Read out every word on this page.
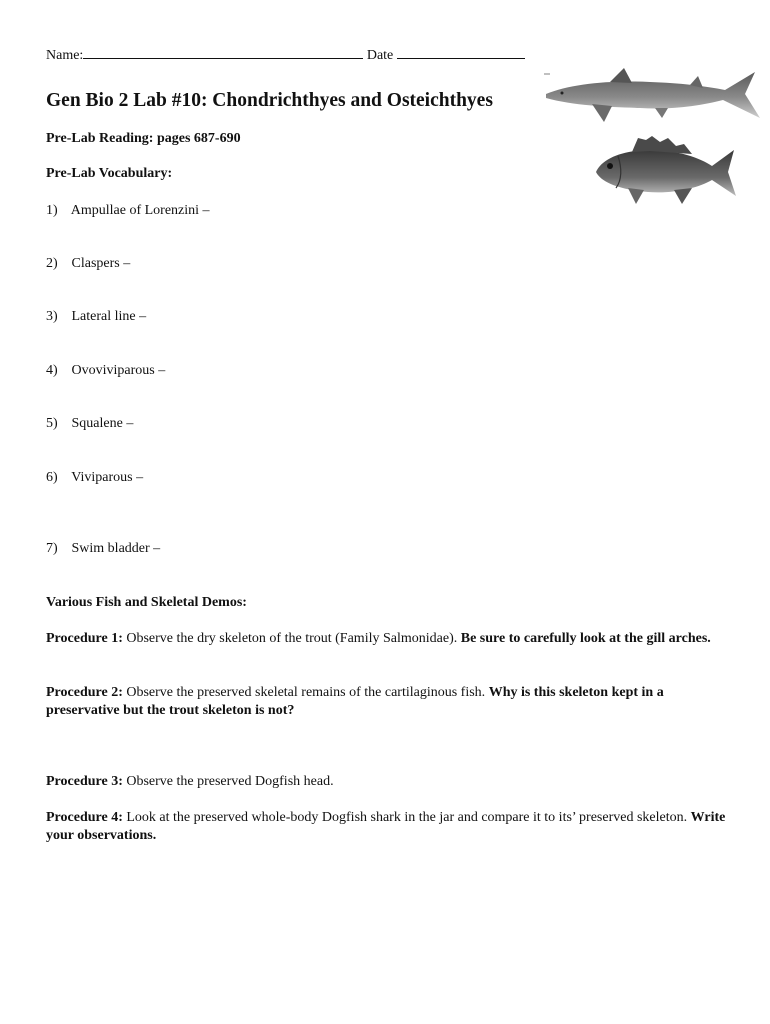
Name:	Date
Gen Bio 2 Lab #10: Chondrichthyes and Osteichthyes
Pre-Lab Reading: pages 687-690
Pre-Lab Vocabulary:
1) Ampullae of Lorenzini –
2) Claspers –
3) Lateral line –
4) Ovoviviparous –
5) Squalene –
6) Viviparous –
7) Swim bladder –
Various Fish and Skeletal Demos:
Procedure 1: Observe the dry skeleton of the trout (Family Salmonidae). Be sure to carefully look at the gill arches.
Procedure 2: Observe the preserved skeletal remains of the cartilaginous fish. Why is this skeleton kept in a preservative but the trout skeleton is not?
Procedure 3: Observe the preserved Dogfish head.
Procedure 4: Look at the preserved whole-body Dogfish shark in the jar and compare it to its’ preserved skeleton. Write your observations.
